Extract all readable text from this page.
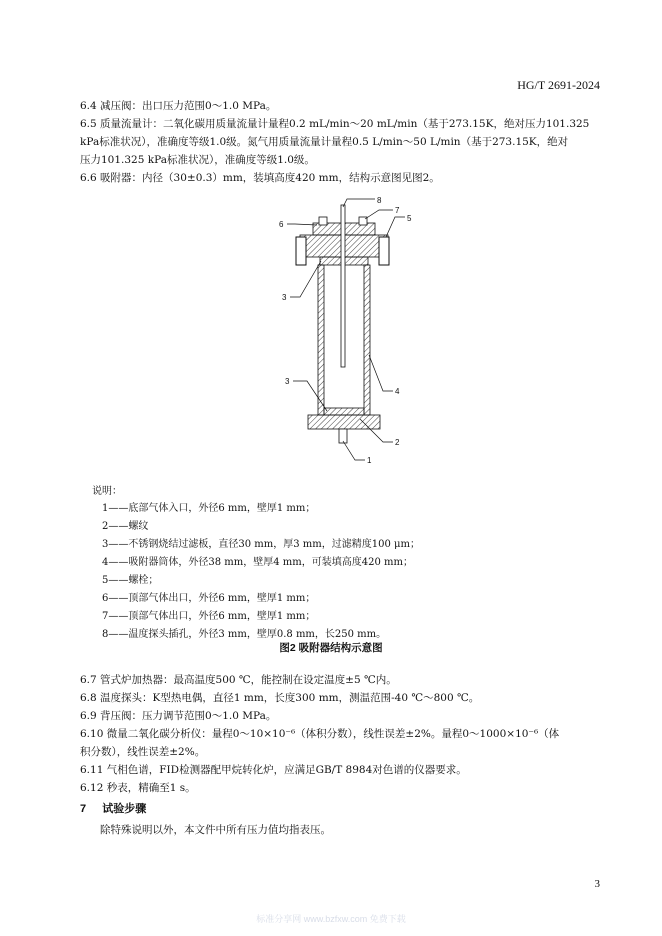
HG/T 2691-2024
6.4 减压阀：出口压力范围0～1.0 MPa。
6.5 质量流量计：二氧化碳用质量流量计量程0.2 mL/min～20 mL/min（基于273.15K，绝对压力101.325
kPa标准状况），准确度等级1.0级。氮气用质量流量计量程0.5 L/min～50 L/min（基于273.15K，绝对
压力101.325 kPa标准状况），准确度等级1.0级。
6.6 吸附器：内径（30±0.3）mm，装填高度420 mm，结构示意图见图2。
8
7
5
6
3
3
4
2
1
说明：
1——底部气体入口，外径6 mm，壁厚1 mm；
2——螺纹
3——不锈钢烧结过滤板，直径30 mm，厚3 mm，过滤精度100 μm；
4——吸附器筒体，外径38 mm，壁厚4 mm，可装填高度420 mm；
5——螺栓；
6——顶部气体出口，外径6 mm，壁厚1 mm；
7——顶部气体出口，外径6 mm，壁厚1 mm；
8——温度探头插孔，外径3 mm，壁厚0.8 mm，长250 mm。
图2 吸附器结构示意图
6.7 管式炉加热器：最高温度500 ℃，能控制在设定温度±5 ℃内。
6.8 温度探头：K型热电偶，直径1 mm，长度300 mm，测温范围-40 ℃～800 ℃。
6.9 背压阀：压力调节范围0～1.0 MPa。
6.10 微量二氧化碳分析仪：量程0～10×10⁻⁶（体积分数），线性误差±2%。量程0～1000×10⁻⁶（体
积分数），线性误差±2%。
6.11 气相色谱，FID检测器配甲烷转化炉，应满足GB/T 8984对色谱的仪器要求。
6.12 秒表，精确至1 s。
7 试验步骤
除特殊说明以外，本文件中所有压力值均指表压。
3
标准分享网 www.bzfxw.com 免费下载
